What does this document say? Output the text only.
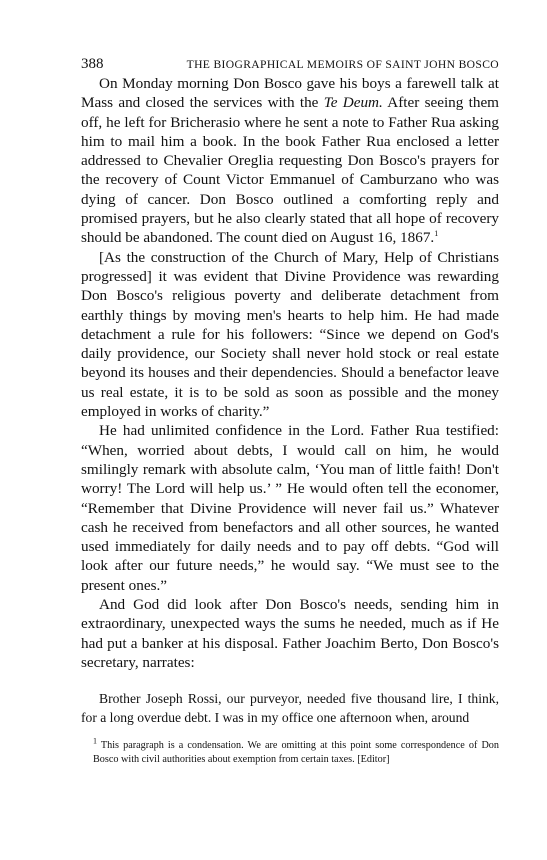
388	THE BIOGRAPHICAL MEMOIRS OF SAINT JOHN BOSCO

On Monday morning Don Bosco gave his boys a farewell talk at Mass and closed the services with the Te Deum. After seeing them off, he left for Bricherasio where he sent a note to Father Rua asking him to mail him a book. In the book Father Rua enclosed a letter addressed to Chevalier Oreglia requesting Don Bosco's prayers for the recovery of Count Victor Emmanuel of Camburzano who was dying of cancer. Don Bosco outlined a comforting reply and promised prayers, but he also clearly stated that all hope of recovery should be abandoned. The count died on August 16, 1867.$^1$

[As the construction of the Church of Mary, Help of Christians progressed] it was evident that Divine Providence was rewarding Don Bosco's religious poverty and deliberate detachment from earthly things by moving men's hearts to help him. He had made detachment a rule for his followers: “Since we depend on God's daily providence, our Society shall never hold stock or real estate beyond its houses and their dependencies. Should a benefactor leave us real estate, it is to be sold as soon as possible and the money employed in works of charity.”

He had unlimited confidence in the Lord. Father Rua testified: “When, worried about debts, I would call on him, he would smilingly remark with absolute calm, ‘You man of little faith! Don't worry! The Lord will help us.’ ” He would often tell the economer, “Remember that Divine Providence will never fail us.” Whatever cash he received from benefactors and all other sources, he wanted used immediately for daily needs and to pay off debts. “God will look after our future needs,” he would say. “We must see to the present ones.”

And God did look after Don Bosco's needs, sending him in extraordinary, unexpected ways the sums he needed, much as if He had put a banker at his disposal. Father Joachim Berto, Don Bosco's secretary, narrates:

Brother Joseph Rossi, our purveyor, needed five thousand lire, I think, for a long overdue debt. I was in my office one afternoon when, around

$^1$ This paragraph is a condensation. We are omitting at this point some correspondence of Don Bosco with civil authorities about exemption from certain taxes. [Editor]
